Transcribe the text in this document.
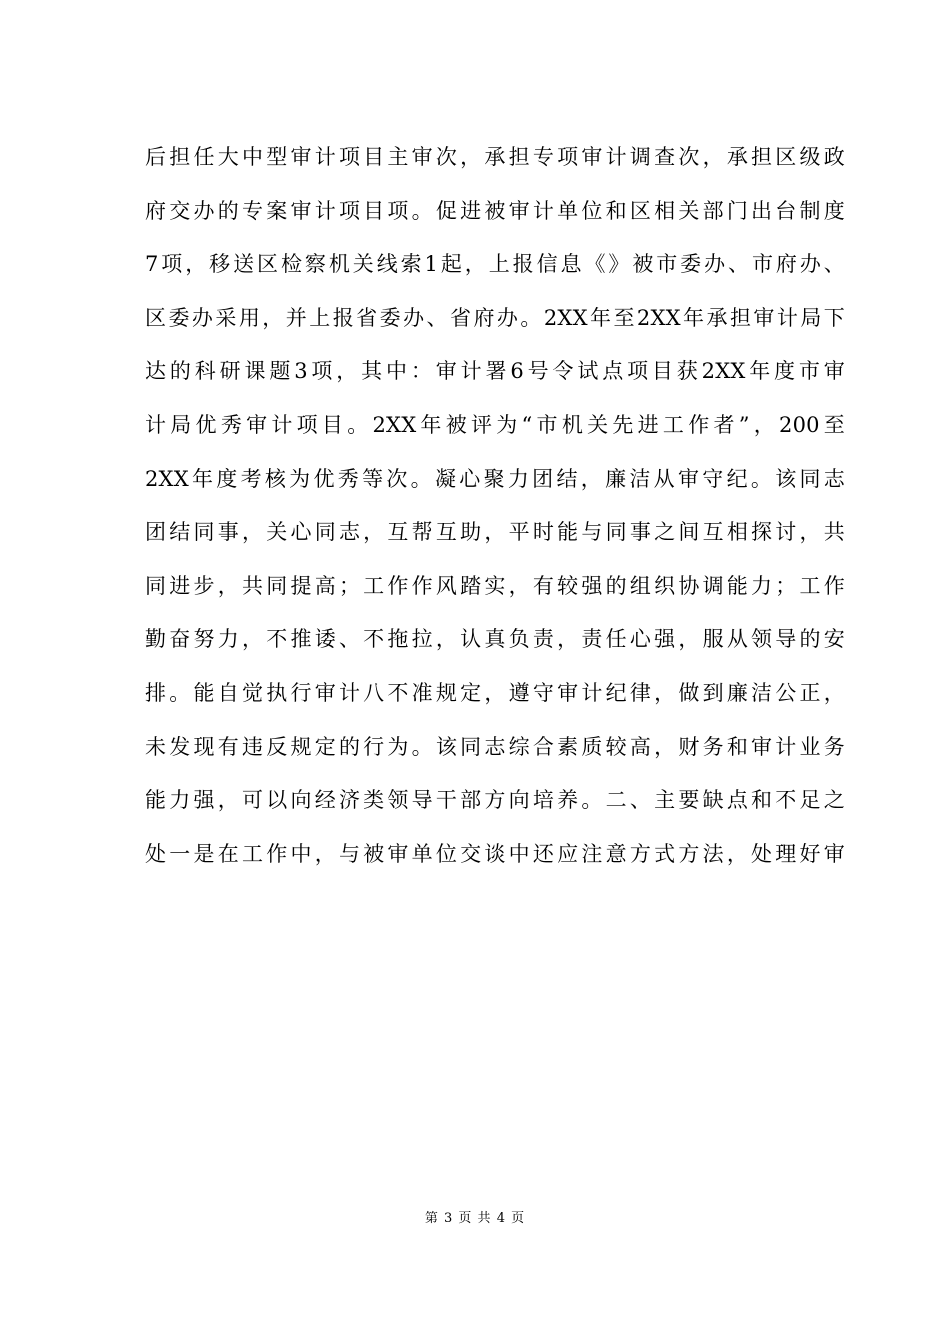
后担任大中型审计项目主审次，承担专项审计调查次，承担区级政
府交办的专案审计项目项。促进被审计单位和区相关部门出台制度
7项，移送区检察机关线索1起，上报信息《》被市委办、市府办、
区委办采用，并上报省委办、省府办。2XX年至2XX年承担审计局下
达的科研课题3项，其中：审计署6号令试点项目获2XX年度市审
计局优秀审计项目。2XX年被评为“市机关先进工作者”，200至
2XX年度考核为优秀等次。凝心聚力团结，廉洁从审守纪。该同志
团结同事，关心同志，互帮互助，平时能与同事之间互相探讨，共
同进步，共同提高；工作作风踏实，有较强的组织协调能力；工作
勤奋努力，不推诿、不拖拉，认真负责，责任心强，服从领导的安
排。能自觉执行审计八不准规定，遵守审计纪律，做到廉洁公正，
未发现有违反规定的行为。该同志综合素质较高，财务和审计业务
能力强，可以向经济类领导干部方向培养。二、主要缺点和不足之
处一是在工作中，与被审单位交谈中还应注意方式方法，处理好审
第 3 页 共 4 页
